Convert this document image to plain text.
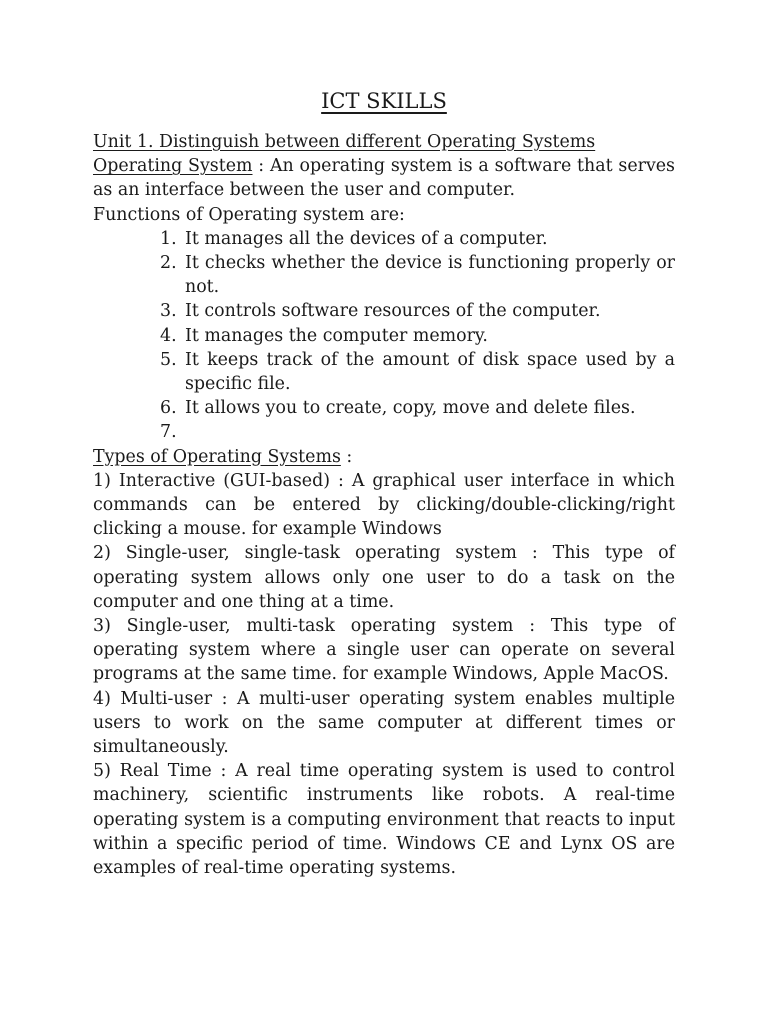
ICT SKILLS

Unit 1. Distinguish between different Operating Systems

Operating System : An operating system is a software that serves as an interface between the user and computer.

Functions of Operating system are:

1. It manages all the devices of a computer.
2. It checks whether the device is functioning properly or not.
3. It controls software resources of the computer.
4. It manages the computer memory.
5. It keeps track of the amount of disk space used by a specific file.
6. It allows you to create, copy, move and delete files.
7.

Types of Operating Systems :

1) Interactive (GUI-based) : A graphical user interface in which commands can be entered by clicking/double-clicking/right clicking a mouse. for example Windows

2) Single-user, single-task operating system : This type of operating system allows only one user to do a task on the computer and one thing at a time.

3) Single-user, multi-task operating system : This type of operating system where a single user can operate on several programs at the same time. for example Windows, Apple MacOS.

4) Multi-user : A multi-user operating system enables multiple users to work on the same computer at different times or simultaneously.

5) Real Time : A real time operating system is used to control machinery, scientific instruments like robots. A real-time operating system is a computing environment that reacts to input within a specific period of time. Windows CE and Lynx OS are examples of real-time operating systems.
